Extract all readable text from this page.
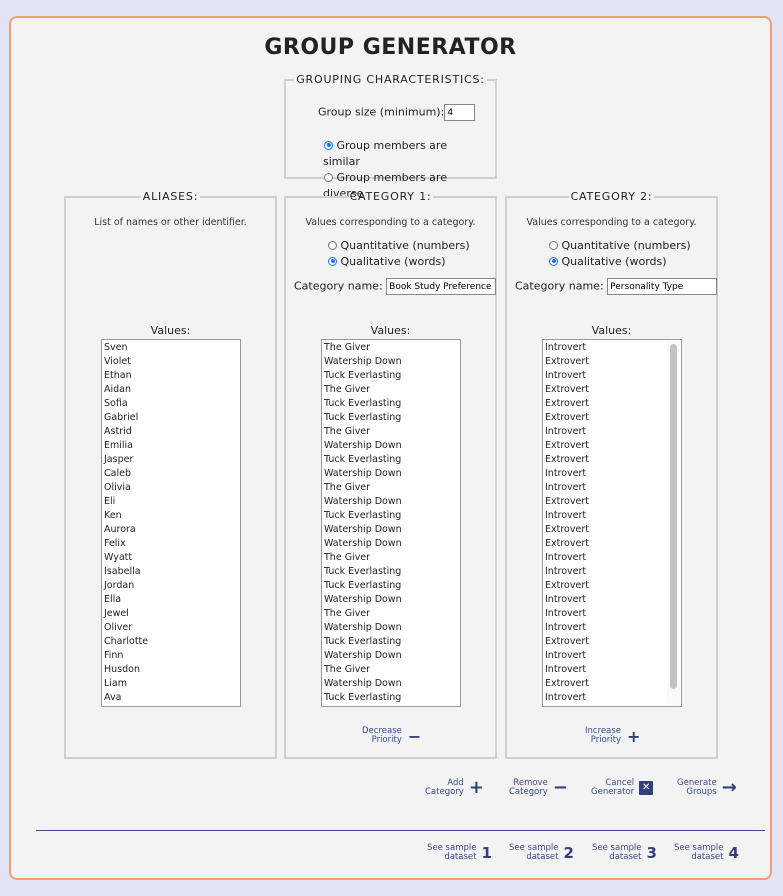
GROUP GENERATOR
GROUPING CHARACTERISTICS:
Group size (minimum):4
Group members are
similar
Group members are
diverse
ALIASES:
List of names or other identifier.
Values:
Sven
Violet
Ethan
Aidan
Sofia
Gabriel
Astrid
Emilia
Jasper
Caleb
Olivia
Eli
Ken
Aurora
Felix
Wyatt
Isabella
Jordan
Ella
Jewel
Oliver
Charlotte
Finn
Husdon
Liam
Ava
CATEGORY 1:
Values corresponding to a category.
Quantitative (numbers)
Qualitative (words)
Category name: Book Study Preference
Values:
The Giver
Watership Down
Tuck Everlasting
The Giver
Tuck Everlasting
Tuck Everlasting
The Giver
Watership Down
Tuck Everlasting
Watership Down
The Giver
Watership Down
Tuck Everlasting
Watership Down
Watership Down
The Giver
Tuck Everlasting
Tuck Everlasting
Watership Down
The Giver
Watership Down
Tuck Everlasting
Watership Down
The Giver
Watership Down
Tuck Everlasting
Decrease
Priority −
CATEGORY 2:
Values corresponding to a category.
Quantitative (numbers)
Qualitative (words)
Category name: Personality Type
Values:
Introvert
Extrovert
Introvert
Extrovert
Extrovert
Extrovert
Introvert
Extrovert
Extrovert
Introvert
Introvert
Extrovert
Introvert
Extrovert
Extrovert
Introvert
Introvert
Extrovert
Introvert
Introvert
Introvert
Extrovert
Introvert
Introvert
Extrovert
Introvert
Increase
Priority +
Add
Category +	Remove
Category −	Cancel
Generator ✕	Generate
Groups →
See sample
dataset 1 See sample
dataset 2 See sample
dataset 3 See sample
dataset 4
